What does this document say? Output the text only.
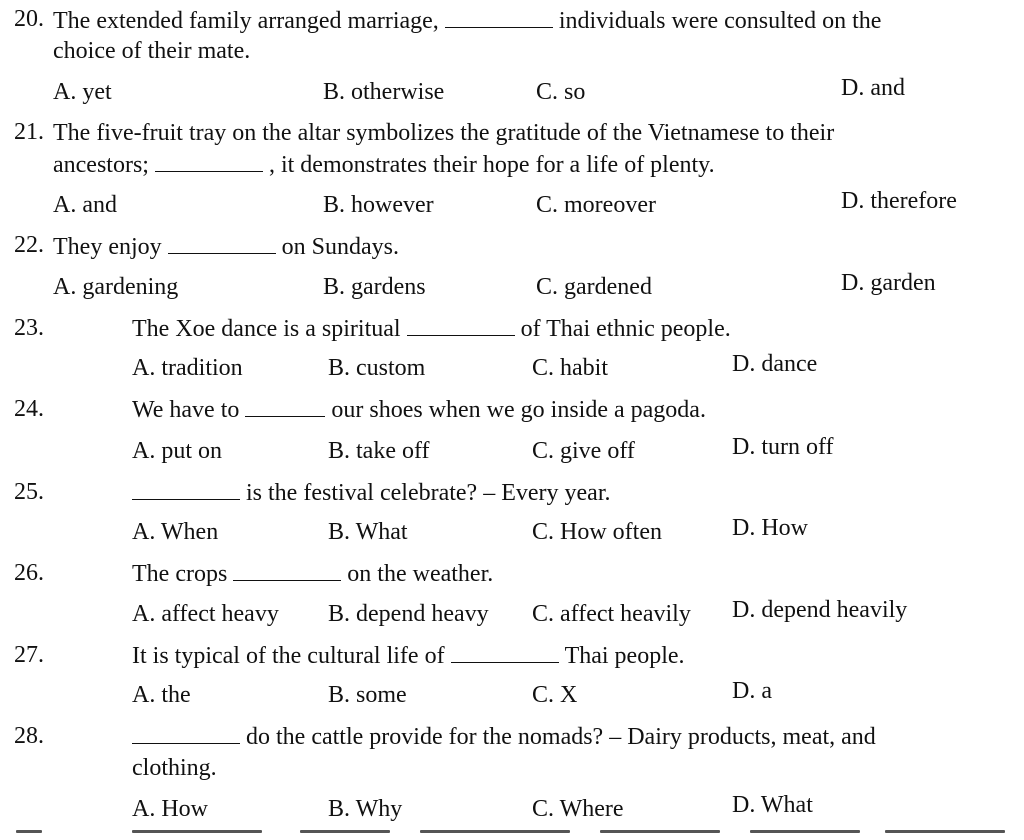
20. The extended family arranged marriage,	individuals were consulted on the
choice of their mate.
A. yet	B. otherwise	C. so	D. and
21. The five-fruit tray on the altar symbolizes the gratitude of the Vietnamese to their
ancestors;	, it demonstrates their hope for a life of plenty.
A. and	B. however	C. moreover	D. therefore
22. They enjoy	on Sundays.
A. gardening	B. gardens	C. gardened	D. garden
23.	The Xoe dance is a spiritual	of Thai ethnic people.
A. tradition	B. custom	C. habit	D. dance
24.	We have to	our shoes when we go inside a pagoda.
A. put on	B. take off	C. give off	D. turn off
25.	is the festival celebrate? – Every year.
A. When	B. What	C. How often	D. How
26.	The crops	on the weather.
A. affect heavy B. depend heavy C. affect heavily D. depend heavily
27.	It is typical of the cultural life of	Thai people.
A. the	B. some	C. X	D. a
28.	do the cattle provide for the nomads? – Dairy products, meat, and
clothing.
A. How	B. Why	C. Where	D. What
